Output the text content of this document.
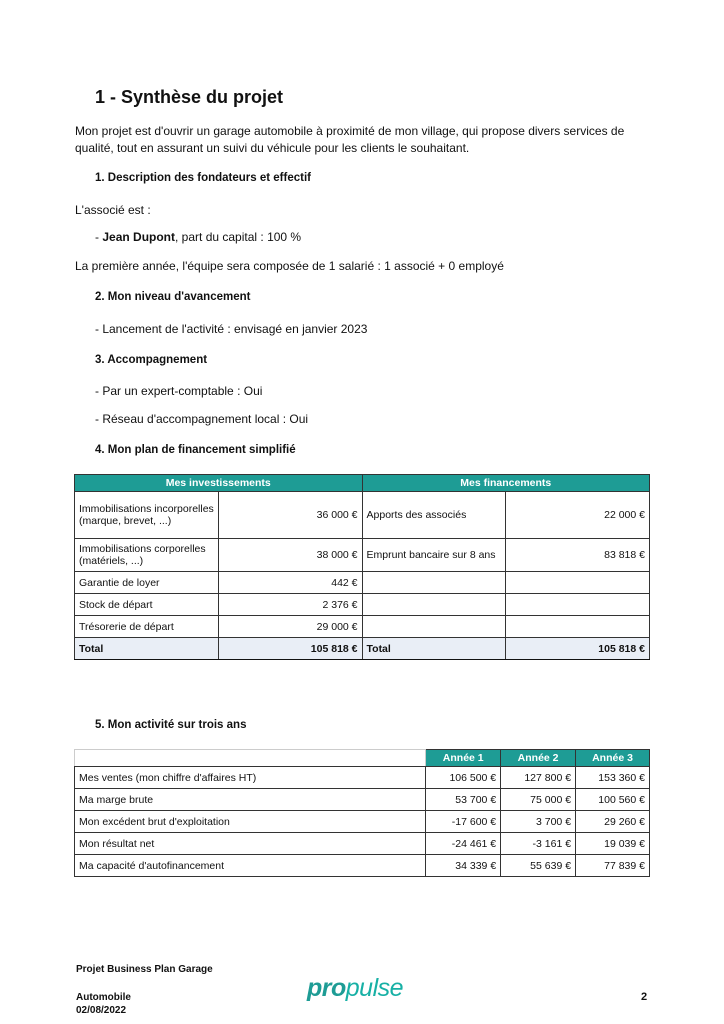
1 - Synthèse du projet
Mon projet est d'ouvrir un garage automobile à proximité de mon village, qui propose divers services de qualité, tout en assurant un suivi du véhicule pour les clients le souhaitant.
1. Description des fondateurs et effectif
L'associé est :
- Jean Dupont, part du capital : 100 %
La première année, l'équipe sera composée de 1 salarié : 1 associé + 0 employé
2. Mon niveau d'avancement
- Lancement de l'activité : envisagé en janvier 2023
3. Accompagnement
- Par un expert-comptable : Oui
- Réseau d'accompagnement local : Oui
4. Mon plan de financement simplifié
Mes investissements		Mes financements	
Immobilisations incorporelles (marque, brevet, ...)	36 000 €	Apports des associés	22 000 €
Immobilisations corporelles (matériels, ...)	38 000 €	Emprunt bancaire sur 8 ans	83 818 €
Garantie de loyer	442 €		
Stock de départ	2 376 €		
Trésorerie de départ	29 000 €		
Total	105 818 €	Total	105 818 €
5. Mon activité sur trois ans
	Année 1	Année 2	Année 3
Mes ventes (mon chiffre d'affaires HT)	106 500 €	127 800 €	153 360 €
Ma marge brute	53 700 €	75 000 €	100 560 €
Mon excédent brut d'exploitation	-17 600 €	3 700 €	29 260 €
Mon résultat net	-24 461 €	-3 161 €	19 039 €
Ma capacité d'autofinancement	34 339 €	55 639 €	77 839 €
Projet Business Plan Garage
Automobile
02/08/2022
propulse	2
